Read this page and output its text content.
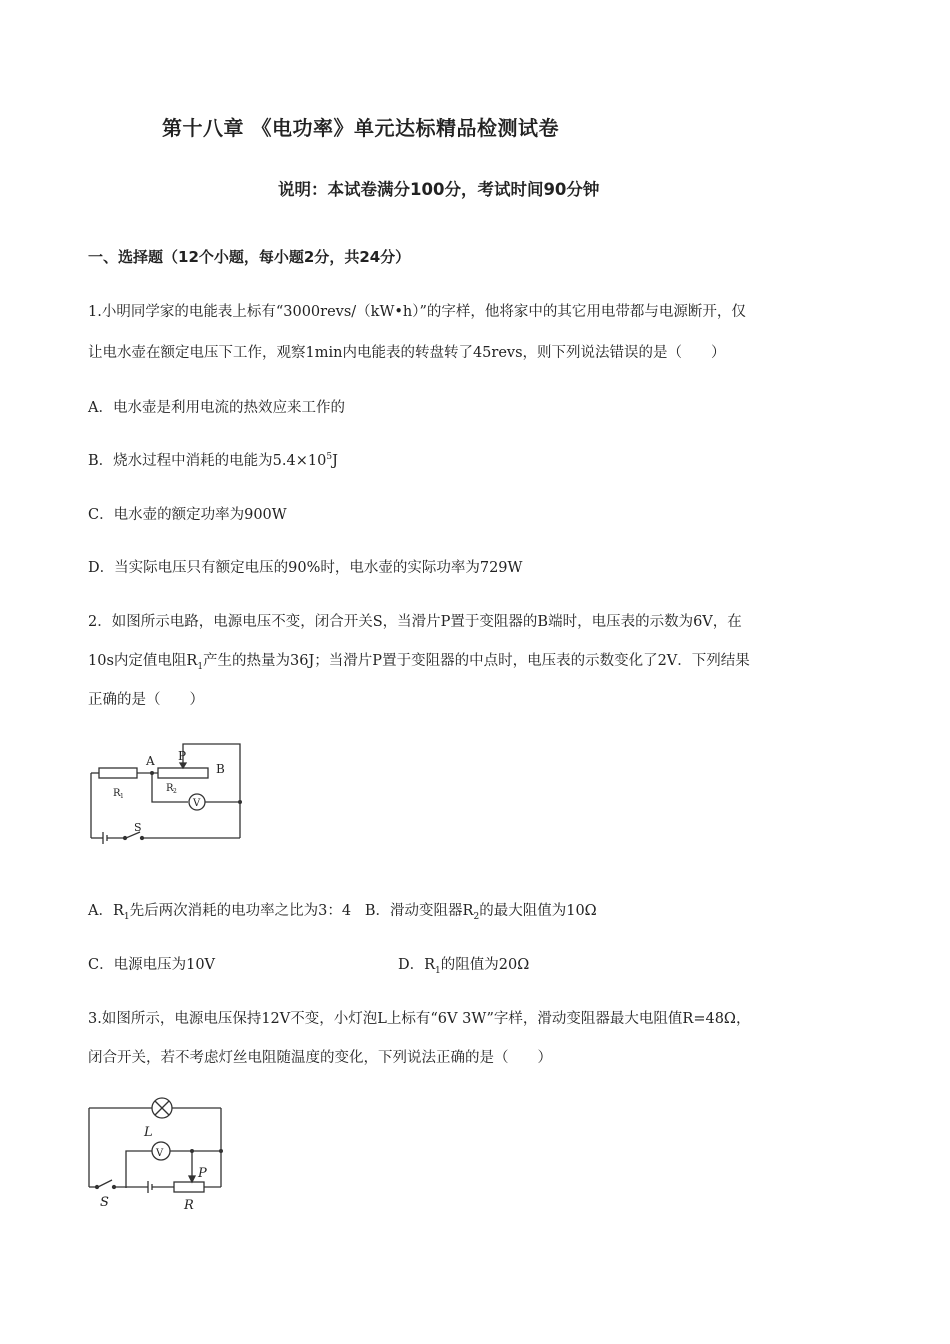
第十八章 《电功率》单元达标精品检测试卷
说明：本试卷满分100分，考试时间90分钟
一、选择题（12个小题，每小题2分，共24分）
1.小明同学家的电能表上标有“3000revs/（kW•h）”的字样，他将家中的其它用电带都与电源断开，仅
让电水壶在额定电压下工作，观察1min内电能表的转盘转了45revs，则下列说法错误的是（　　）
A．电水壶是利用电流的热效应来工作的
B．烧水过程中消耗的电能为$5.4\times 10^5J$
C．电水壶的额定功率为900W
D．当实际电压只有额定电压的90%时，电水壶的实际功率为729W
2．如图所示电路，电源电压不变，闭合开关S，当滑片P置于变阻器的B端时，电压表的示数为6V，在
10s内定值电阻$R_1$产生的热量为36J；当滑片P置于变阻器的中点时，电压表的示数变化了2V．下列结果
正确的是（　　）
A P
B
R 1
R 2
V
S
A．$R_1$先后两次消耗的电功率之比为3：4 B．滑动变阻器$R_2$的最大阻值为10Ω
C．电源电压为10V	D．$R_1$的阻值为20Ω
3.如图所示，电源电压保持12V不变，小灯泡L上标有“6V 3W”字样，滑动变阻器最大电阻值R=48Ω，
闭合开关，若不考虑灯丝电阻随温度的变化，下列说法正确的是（　　）
L
V
P
S	R
